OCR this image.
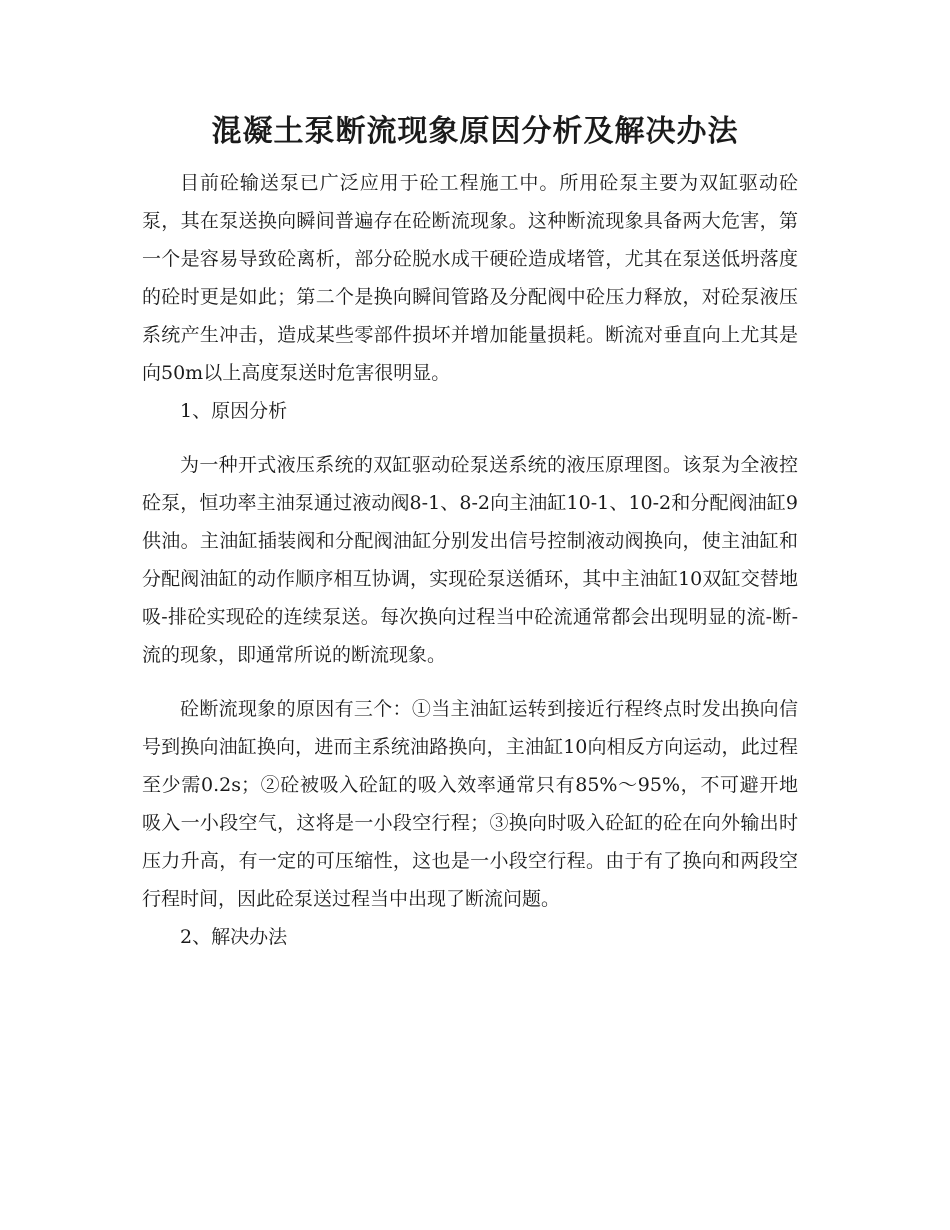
混凝土泵断流现象原因分析及解决办法

目前砼输送泵已广泛应用于砼工程施工中。所用砼泵主要为双缸驱动砼泵，其在泵送换向瞬间普遍存在砼断流现象。这种断流现象具备两大危害，第一个是容易导致砼离析，部分砼脱水成干硬砼造成堵管，尤其在泵送低坍落度的砼时更是如此；第二个是换向瞬间管路及分配阀中砼压力释放，对砼泵液压系统产生冲击，造成某些零部件损坏并增加能量损耗。断流对垂直向上尤其是向50m以上高度泵送时危害很明显。

1、原因分析

为一种开式液压系统的双缸驱动砼泵送系统的液压原理图。该泵为全液控砼泵，恒功率主油泵通过液动阀8-1、8-2向主油缸10-1、10-2和分配阀油缸9供油。主油缸插装阀和分配阀油缸分别发出信号控制液动阀换向，使主油缸和分配阀油缸的动作顺序相互协调，实现砼泵送循环，其中主油缸10双缸交替地吸-排砼实现砼的连续泵送。每次换向过程当中砼流通常都会出现明显的流-断-流的现象，即通常所说的断流现象。

砼断流现象的原因有三个：①当主油缸运转到接近行程终点时发出换向信号到换向油缸换向，进而主系统油路换向，主油缸10向相反方向运动，此过程至少需0.2s；②砼被吸入砼缸的吸入效率通常只有85%～95%，不可避开地吸入一小段空气，这将是一小段空行程；③换向时吸入砼缸的砼在向外输出时压力升高，有一定的可压缩性，这也是一小段空行程。由于有了换向和两段空行程时间，因此砼泵送过程当中出现了断流问题。

2、解决办法
